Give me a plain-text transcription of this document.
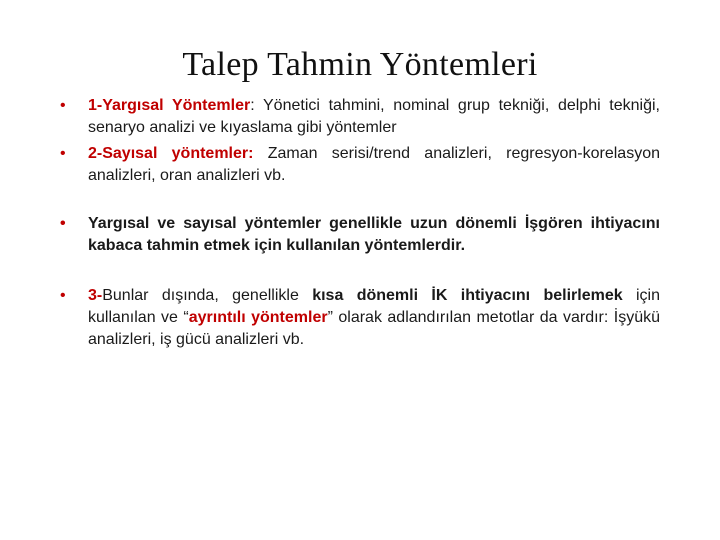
Talep Tahmin Yöntemleri
•	1-Yargısal Yöntemler: Yönetici tahmini, nominal grup tekniği, delphi tekniği, senaryo analizi ve kıyaslama gibi yöntemler
•	2-Sayısal yöntemler: Zaman serisi/trend analizleri, regresyon-korelasyon analizleri, oran analizleri vb.
•	Yargısal ve sayısal yöntemler genellikle uzun dönemli İşgören ihtiyacını kabaca tahmin etmek için kullanılan yöntemlerdir.
•	3-Bunlar dışında, genellikle kısa dönemli İK ihtiyacını belirlemek için kullanılan ve “ayrıntılı yöntemler” olarak adlandırılan metotlar da vardır: İşyükü analizleri, iş gücü analizleri vb.
